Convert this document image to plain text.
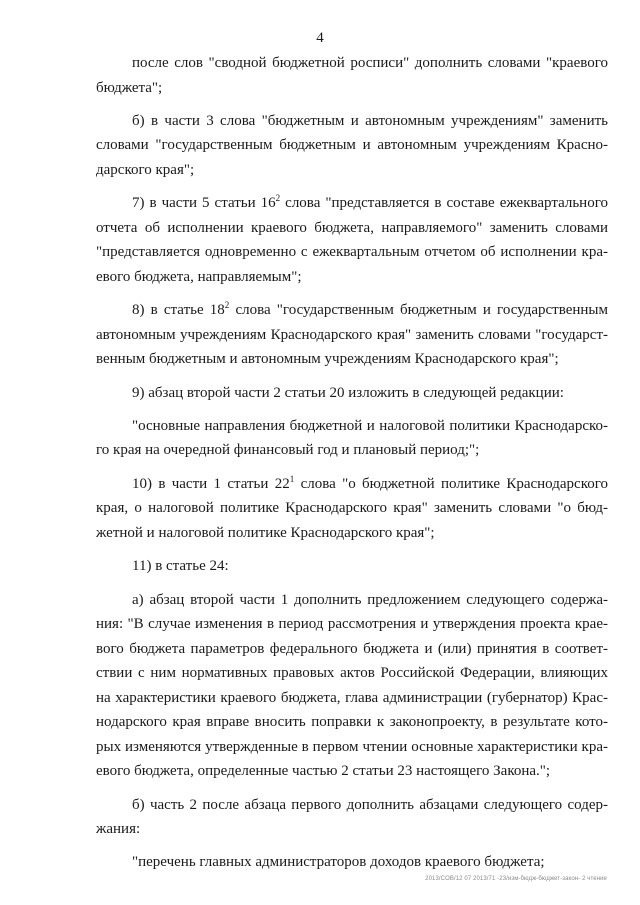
4
после слов "сводной бюджетной росписи" дополнить словами "краевого
бюджета";
б) в части 3 слова "бюджетным и автономным учреждениям" заменить
словами "государственным бюджетным и автономным учреждениям Красно-
дарского края";
7) в части 5 статьи $16^2$ слова "представляется в составе ежеквартального
отчета об исполнении краевого бюджета, направляемого" заменить словами
"представляется одновременно с ежеквартальным отчетом об исполнении кра-
евого бюджета, направляемым";
8) в статье $18^2$ слова "государственным бюджетным и государственным
автономным учреждениям Краснодарского края" заменить словами "государст-
венным бюджетным и автономным учреждениям Краснодарского края";
9) абзац второй части 2 статьи 20 изложить в следующей редакции:
"основные направления бюджетной и налоговой политики Краснодарско-
го края на очередной финансовый год и плановый период;";
10) в части 1 статьи $22^1$ слова "о бюджетной политике Краснодарского
края, о налоговой политике Краснодарского края" заменить словами "о бюд-
жетной и налоговой политике Краснодарского края";
11) в статье 24:
а) абзац второй части 1 дополнить предложением следующего содержа-
ния: "В случае изменения в период рассмотрения и утверждения проекта крае-
вого бюджета параметров федерального бюджета и (или) принятия в соответ-
ствии с ним нормативных правовых актов Российской Федерации, влияющих
на характеристики краевого бюджета, глава администрации (губернатор) Крас-
нодарского края вправе вносить поправки к законопроекту, в результате кото-
рых изменяются утвержденные в первом чтении основные характеристики кра-
евого бюджета, определенные частью 2 статьи 23 настоящего Закона.";
б) часть 2 после абзаца первого дополнить абзацами следующего содер-
жания:
"перечень главных администраторов доходов краевого бюджета;
2013/COB/12 07 2013/71 -23/изм-бюдж-бюджет-закон- 2 чтение
